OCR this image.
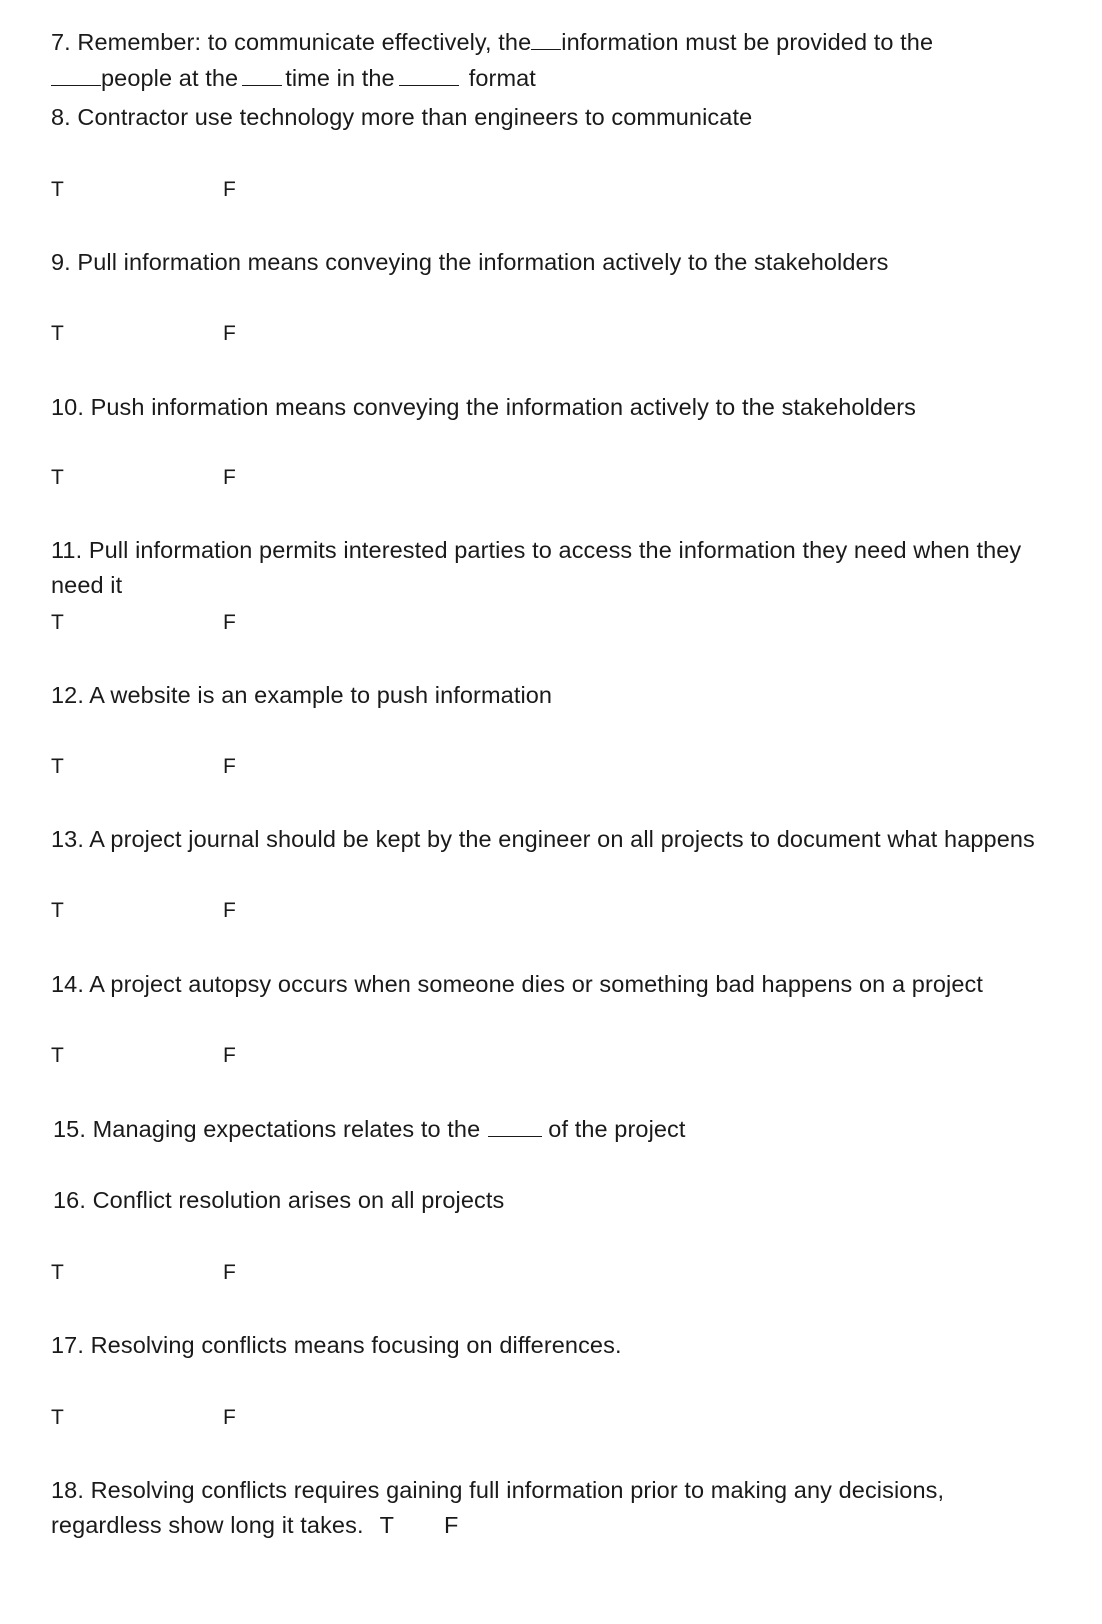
7. Remember: to communicate effectively, the information must be provided to the
people at the time in the	format
8. Contractor use technology more than engineers to communicate
T	F
9. Pull information means conveying the information actively to the stakeholders
T	F
10. Push information means conveying the information actively to the stakeholders
T	F
11. Pull information permits interested parties to access the information they need when they
need it
T	F
12. A website is an example to push information
T	F
13. A project journal should be kept by the engineer on all projects to document what happens
T	F
14. A project autopsy occurs when someone dies or something bad happens on a project
T	F
15. Managing expectations relates to the	of the project
16. Conflict resolution arises on all projects
T	F
17. Resolving conflicts means focusing on differences.
T	F
18. Resolving conflicts requires gaining full information prior to making any decisions,
regardless show long it takes. T F
